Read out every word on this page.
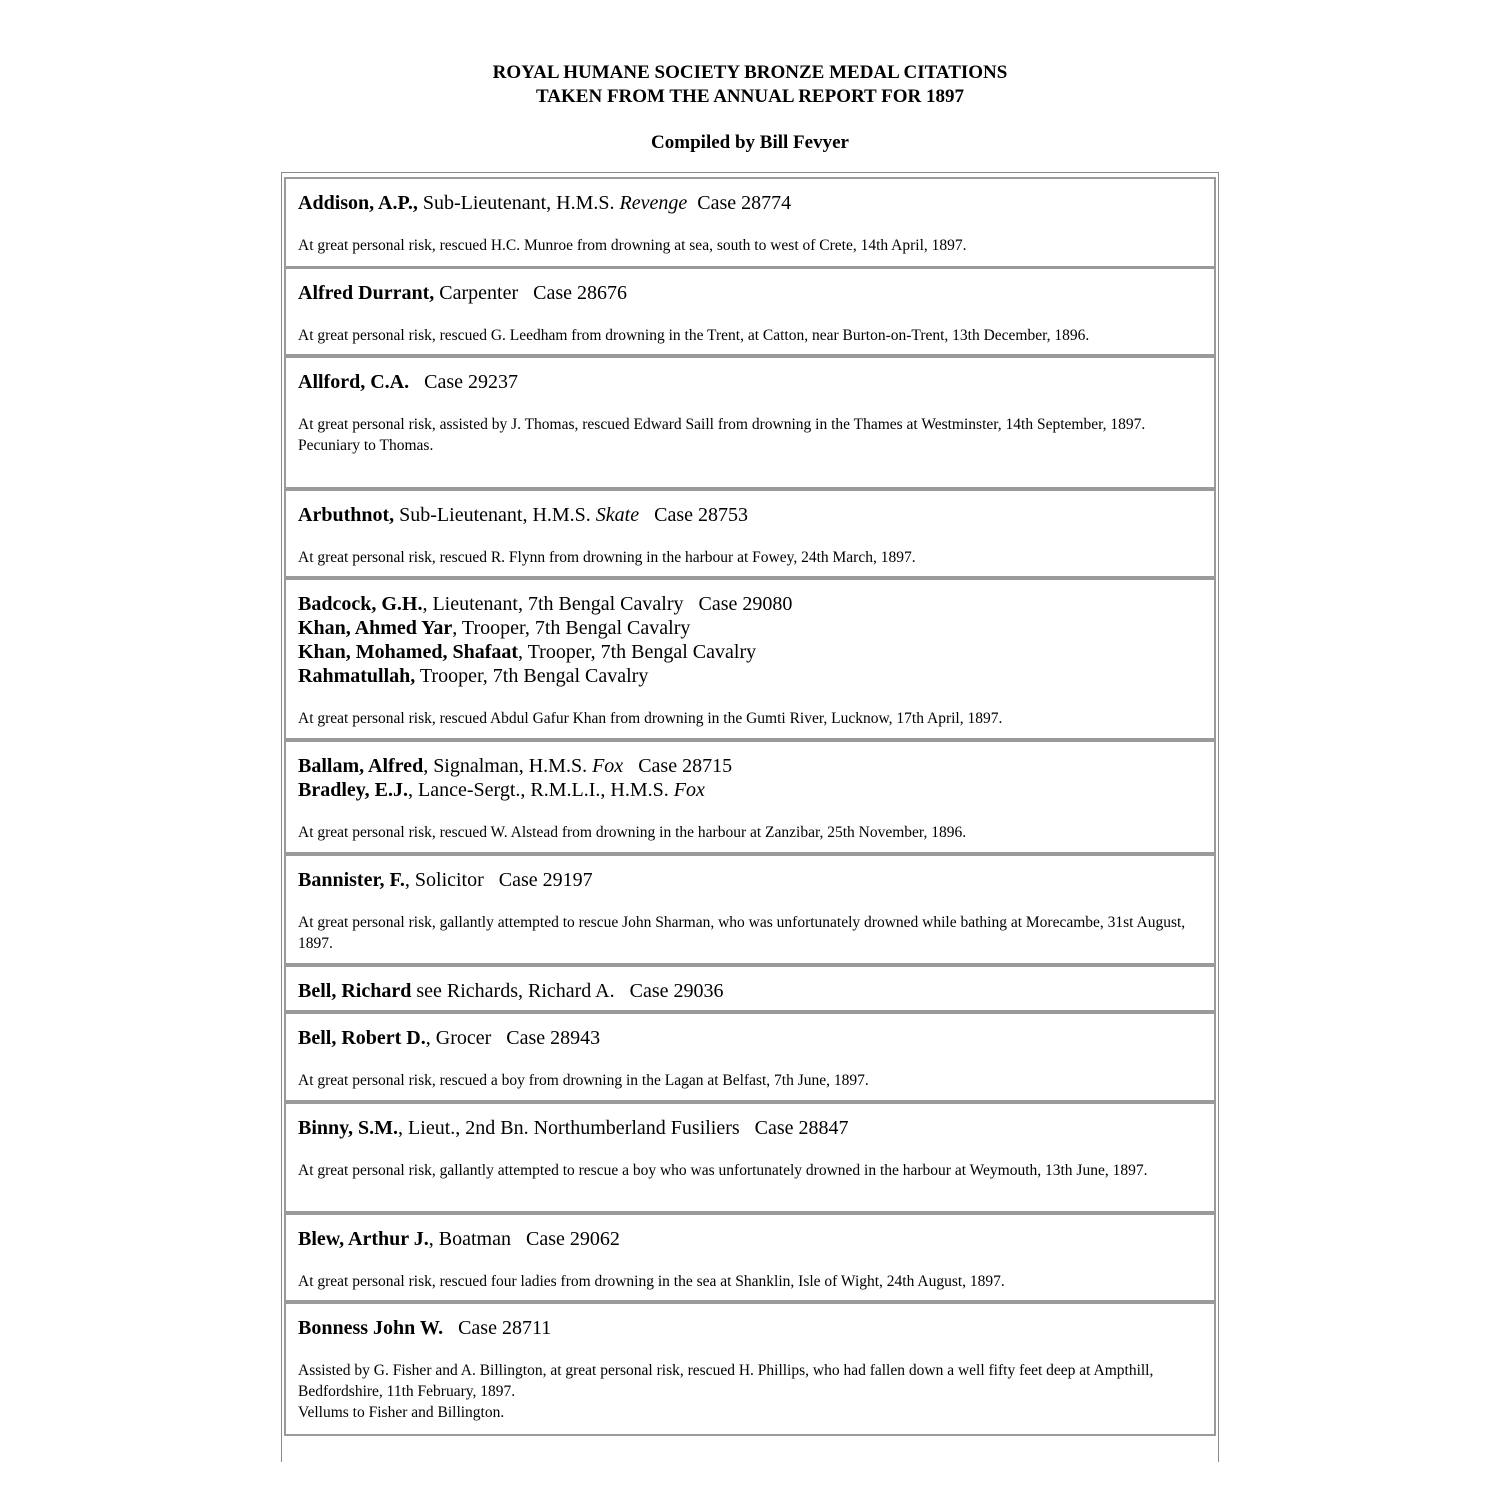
ROYAL HUMANE SOCIETY BRONZE MEDAL CITATIONS
TAKEN FROM THE ANNUAL REPORT FOR 1897
Compiled by Bill Fevyer
Addison, A.P., Sub-Lieutenant, H.M.S. Revenge  Case 28774
At great personal risk, rescued H.C. Munroe from drowning at sea, south to west of Crete, 14th April, 1897.
Alfred Durrant, Carpenter   Case 28676
At great personal risk, rescued G. Leedham from drowning in the Trent, at Catton, near Burton-on-Trent, 13th December, 1896.
Allford, C.A.   Case 29237
At great personal risk, assisted by J. Thomas, rescued Edward Saill from drowning in the Thames at Westminster, 14th September, 1897.
Pecuniary to Thomas.
Arbuthnot, Sub-Lieutenant, H.M.S. Skate   Case 28753
At great personal risk, rescued R. Flynn from drowning in the harbour at Fowey, 24th March, 1897.
Badcock, G.H., Lieutenant, 7th Bengal Cavalry   Case 29080
Khan, Ahmed Yar, Trooper, 7th Bengal Cavalry
Khan, Mohamed, Shafaat, Trooper, 7th Bengal Cavalry
Rahmatullah, Trooper, 7th Bengal Cavalry
At great personal risk, rescued Abdul Gafur Khan from drowning in the Gumti River, Lucknow, 17th April, 1897.
Ballam, Alfred, Signalman, H.M.S. Fox   Case 28715
Bradley, E.J., Lance-Sergt., R.M.L.I., H.M.S. Fox
At great personal risk, rescued W. Alstead from drowning in the harbour at Zanzibar, 25th November, 1896.
Bannister, F., Solicitor   Case 29197
At great personal risk, gallantly attempted to rescue John Sharman, who was unfortunately drowned while bathing at Morecambe, 31st August, 1897.
Bell, Richard see Richards, Richard A.   Case 29036
Bell, Robert D., Grocer   Case 28943
At great personal risk, rescued a boy from drowning in the Lagan at Belfast, 7th June, 1897.
Binny, S.M., Lieut., 2nd Bn. Northumberland Fusiliers   Case 28847
At great personal risk, gallantly attempted to rescue a boy who was unfortunately drowned in the harbour at Weymouth, 13th June, 1897.
Blew, Arthur J., Boatman   Case 29062
At great personal risk, rescued four ladies from drowning in the sea at Shanklin, Isle of Wight, 24th August, 1897.
Bonness John W.   Case 28711
Assisted by G. Fisher and A. Billington, at great personal risk, rescued H. Phillips, who had fallen down a well fifty feet deep at Ampthill, Bedfordshire, 11th February, 1897.
Vellums to Fisher and Billington.
